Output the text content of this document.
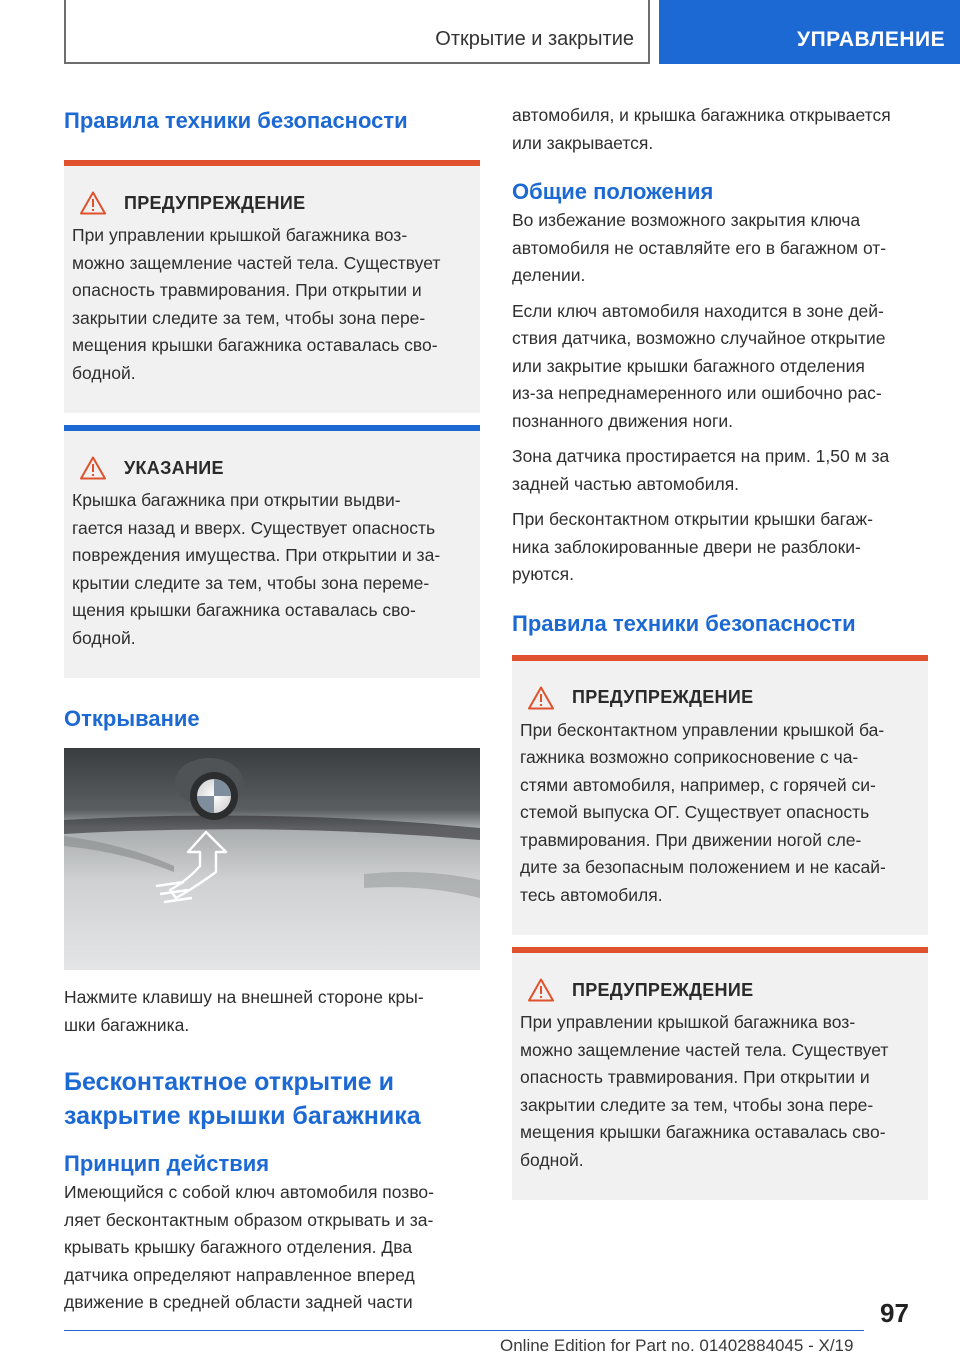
Открытие и закрытие	УПРАВЛЕНИЕ
Правила техники безопасности
ПРЕДУПРЕЖДЕНИЕ

При управлении крышкой багажника воз-
можно защемление частей тела. Существует
опасность травмирования. При открытии и
закрытии следите за тем, чтобы зона пере-
мещения крышки багажника оставалась сво-
бодной.

УКАЗАНИЕ

Крышка багажника при открытии выдви-
гается назад и вверх. Существует опасность
повреждения имущества. При открытии и за-
крытии следите за тем, чтобы зона переме-
щения крышки багажника оставалась сво-
бодной.

Открывание

Нажмите клавишу на внешней стороне кры-
шки багажника.

Бесконтактное открытие и
закрытие крышки багажника
Принцип действия

Имеющийся с собой ключ автомобиля позво-
ляет бесконтактным образом открывать и за-
крывать крышку багажного отделения. Два
датчика определяют направленное вперед
движение в средней области задней части

автомобиля, и крышка багажника открывается
или закрывается.

Общие положения

Во избежание возможного закрытия ключа
автомобиля не оставляйте его в багажном от-
делении.

Если ключ автомобиля находится в зоне дей-
ствия датчика, возможно случайное открытие
или закрытие крышки багажного отделения
из-за непреднамеренного или ошибочно рас-
познанного движения ноги.

Зона датчика простирается на прим. 1,50 м за
задней частью автомобиля.

При бесконтактном открытии крышки багаж-
ника заблокированные двери не разблоки-
руются.

Правила техники безопасности
ПРЕДУПРЕЖДЕНИЕ

При бесконтактном управлении крышкой ба-
гажника возможно соприкосновение с ча-
стями автомобиля, например, с горячей си-
стемой выпуска ОГ. Существует опасность
травмирования. При движении ногой сле-
дите за безопасным положением и не касай-
тесь автомобиля.

ПРЕДУПРЕЖДЕНИЕ

При управлении крышкой багажника воз-
можно защемление частей тела. Существует
опасность травмирования. При открытии и
закрытии следите за тем, чтобы зона пере-
мещения крышки багажника оставалась сво-
бодной.

97
Online Edition for Part no. 01402884045 - X/19
